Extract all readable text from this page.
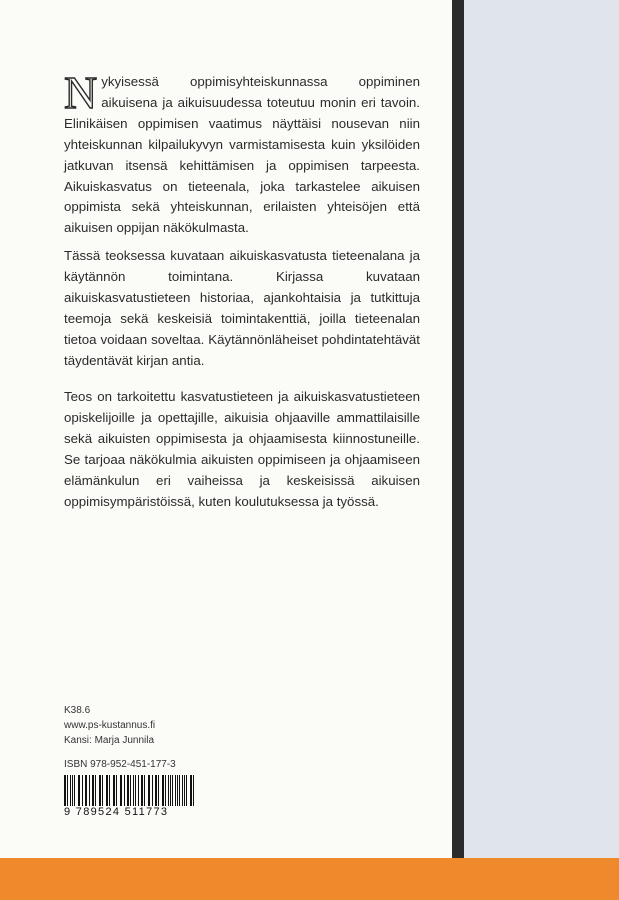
Nykyisessä oppimisyhteiskunnassa oppiminen aikuisena ja aikuisuudessa toteutuu monin eri tavoin. Elinikäisen oppimisen vaatimus näyttäisi nousevan niin yhteiskunnan kilpailukyvyn varmistamisesta kuin yksilöiden jatkuvan itsensä kehittämisen ja oppimisen tarpeesta. Aikuiskasvatus on tieteenala, joka tarkastelee aikuisen oppimista sekä yhteiskunnan, erilaisten yhteisöjen että aikuisen oppijan näkökulmasta.

Tässä teoksessa kuvataan aikuiskasvatusta tieteenalana ja käytännön toimintana. Kirjassa kuvataan aikuiskasvatustieteen historiaa, ajankohtaisia ja tutkittuja teemoja sekä keskeisiä toimintakenttiä, joilla tieteenalan tietoa voidaan soveltaa. Käytännönläheiset pohdintatehtävät täydentävät kirjan antia.

Teos on tarkoitettu kasvatustieteen ja aikuiskasvatustieteen opiskelijoille ja opettajille, aikuisia ohjaaville ammattilaisille sekä aikuisten oppimisesta ja ohjaamisesta kiinnostuneille. Se tarjoaa näkökulmia aikuisten oppimiseen ja ohjaamiseen elämänkulun eri vaiheissa ja keskeisissä aikuisen oppimisympäristöissä, kuten koulutuksessa ja työssä.

K38.6
www.ps-kustannus.fi
Kansi: Marja Junnila
ISBN 978-952-451-177-3
9 789524 511773
